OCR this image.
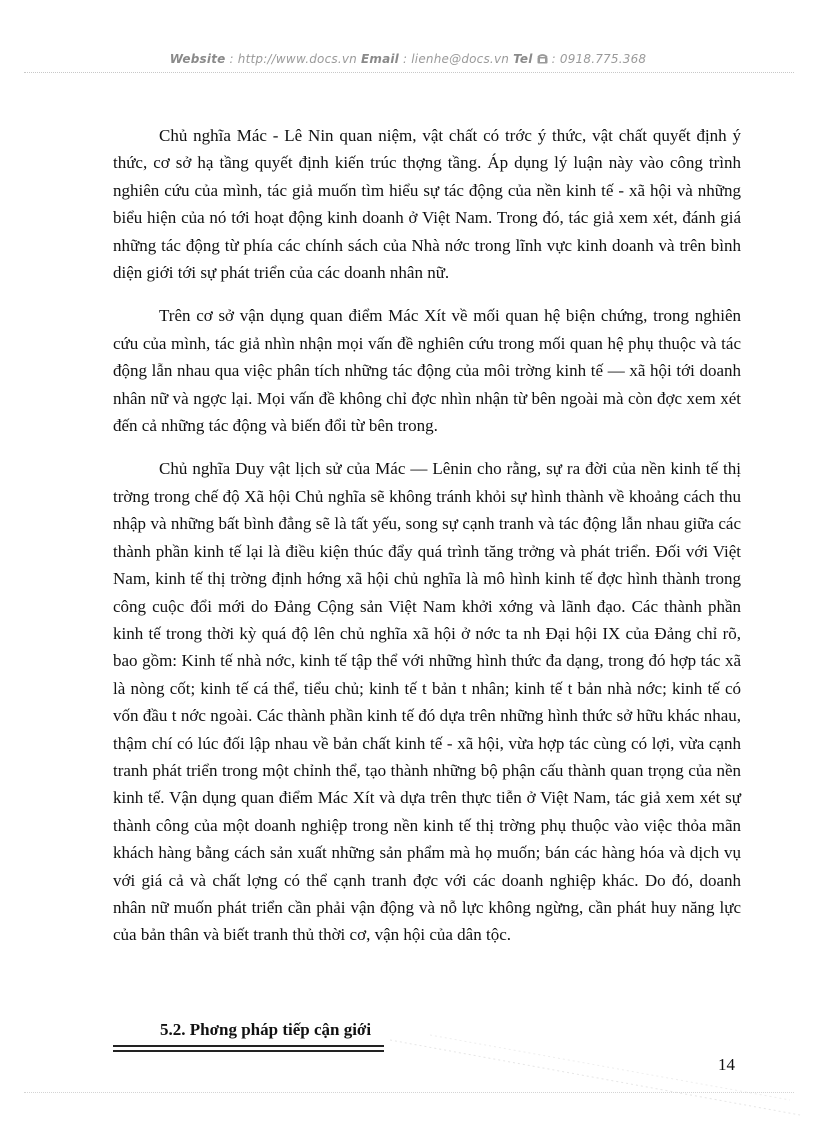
Website : http://www.docs.vn Email : lienhe@docs.vn Tel : 0918.775.368

Chủ nghĩa Mác - Lê Nin quan niệm, vật chất có trớc ý thức, vật chất quyết định ý thức, cơ sở hạ tầng quyết định kiến trúc thợng tầng. Áp dụng lý luận này vào công trình nghiên cứu của mình, tác giả muốn tìm hiểu sự tác động của nền kinh tế - xã hội và những biểu hiện của nó tới hoạt động kinh doanh ở Việt Nam. Trong đó, tác giả xem xét, đánh giá những tác động từ phía các chính sách của Nhà nớc trong lĩnh vực kinh doanh và trên bình diện giới tới sự phát triển của các doanh nhân nữ.

Trên cơ sở vận dụng quan điểm Mác Xít về mối quan hệ biện chứng, trong nghiên cứu của mình, tác giả nhìn nhận mọi vấn đề nghiên cứu trong mối quan hệ phụ thuộc và tác động lẫn nhau qua việc phân tích những tác động của môi trờng kinh tế — xã hội tới doanh nhân nữ và ngợc lại. Mọi vấn đề không chỉ đợc nhìn nhận từ bên ngoài mà còn đợc xem xét đến cả những tác động và biến đổi từ bên trong.

Chủ nghĩa Duy vật lịch sử của Mác — Lênin cho rằng, sự ra đời của nền kinh tế thị trờng trong chế độ Xã hội Chủ nghĩa sẽ không tránh khỏi sự hình thành về khoảng cách thu nhập và những bất bình đẳng sẽ là tất yếu, song sự cạnh tranh và tác động lẫn nhau giữa các thành phần kinh tế lại là điều kiện thúc đẩy quá trình tăng trởng và phát triển. Đối với Việt Nam, kinh tế thị trờng định hớng xã hội chủ nghĩa là mô hình kinh tế đợc hình thành trong công cuộc đổi mới do Đảng Cộng sản Việt Nam khởi xớng và lãnh đạo. Các thành phần kinh tế trong thời kỳ quá độ lên chủ nghĩa xã hội ở nớc ta nh Đại hội IX của Đảng chỉ rõ, bao gồm: Kinh tế nhà nớc, kinh tế tập thể với những hình thức đa dạng, trong đó hợp tác xã là nòng cốt; kinh tế cá thể, tiểu chủ; kinh tế t bản t nhân; kinh tế t bản nhà nớc; kinh tế có vốn đầu t nớc ngoài. Các thành phần kinh tế đó dựa trên những hình thức sở hữu khác nhau, thậm chí có lúc đối lập nhau về bản chất kinh tế - xã hội, vừa hợp tác cùng có lợi, vừa cạnh tranh phát triển trong một chỉnh thể, tạo thành những bộ phận cấu thành quan trọng của nền kinh tế. Vận dụng quan điểm Mác Xít và dựa trên thực tiễn ở Việt Nam, tác giả xem xét sự thành công của một doanh nghiệp trong nền kinh tế thị trờng phụ thuộc vào việc thỏa mãn khách hàng bằng cách sản xuất những sản phẩm mà họ muốn; bán các hàng hóa và dịch vụ với giá cả và chất lợng có thể cạnh tranh đợc với các doanh nghiệp khác. Do đó, doanh nhân nữ muốn phát triển cần phải vận động và nỗ lực không ngừng, cần phát huy năng lực của bản thân và biết tranh thủ thời cơ, vận hội của dân tộc.

5.2. Phơng pháp tiếp cận giới
14
